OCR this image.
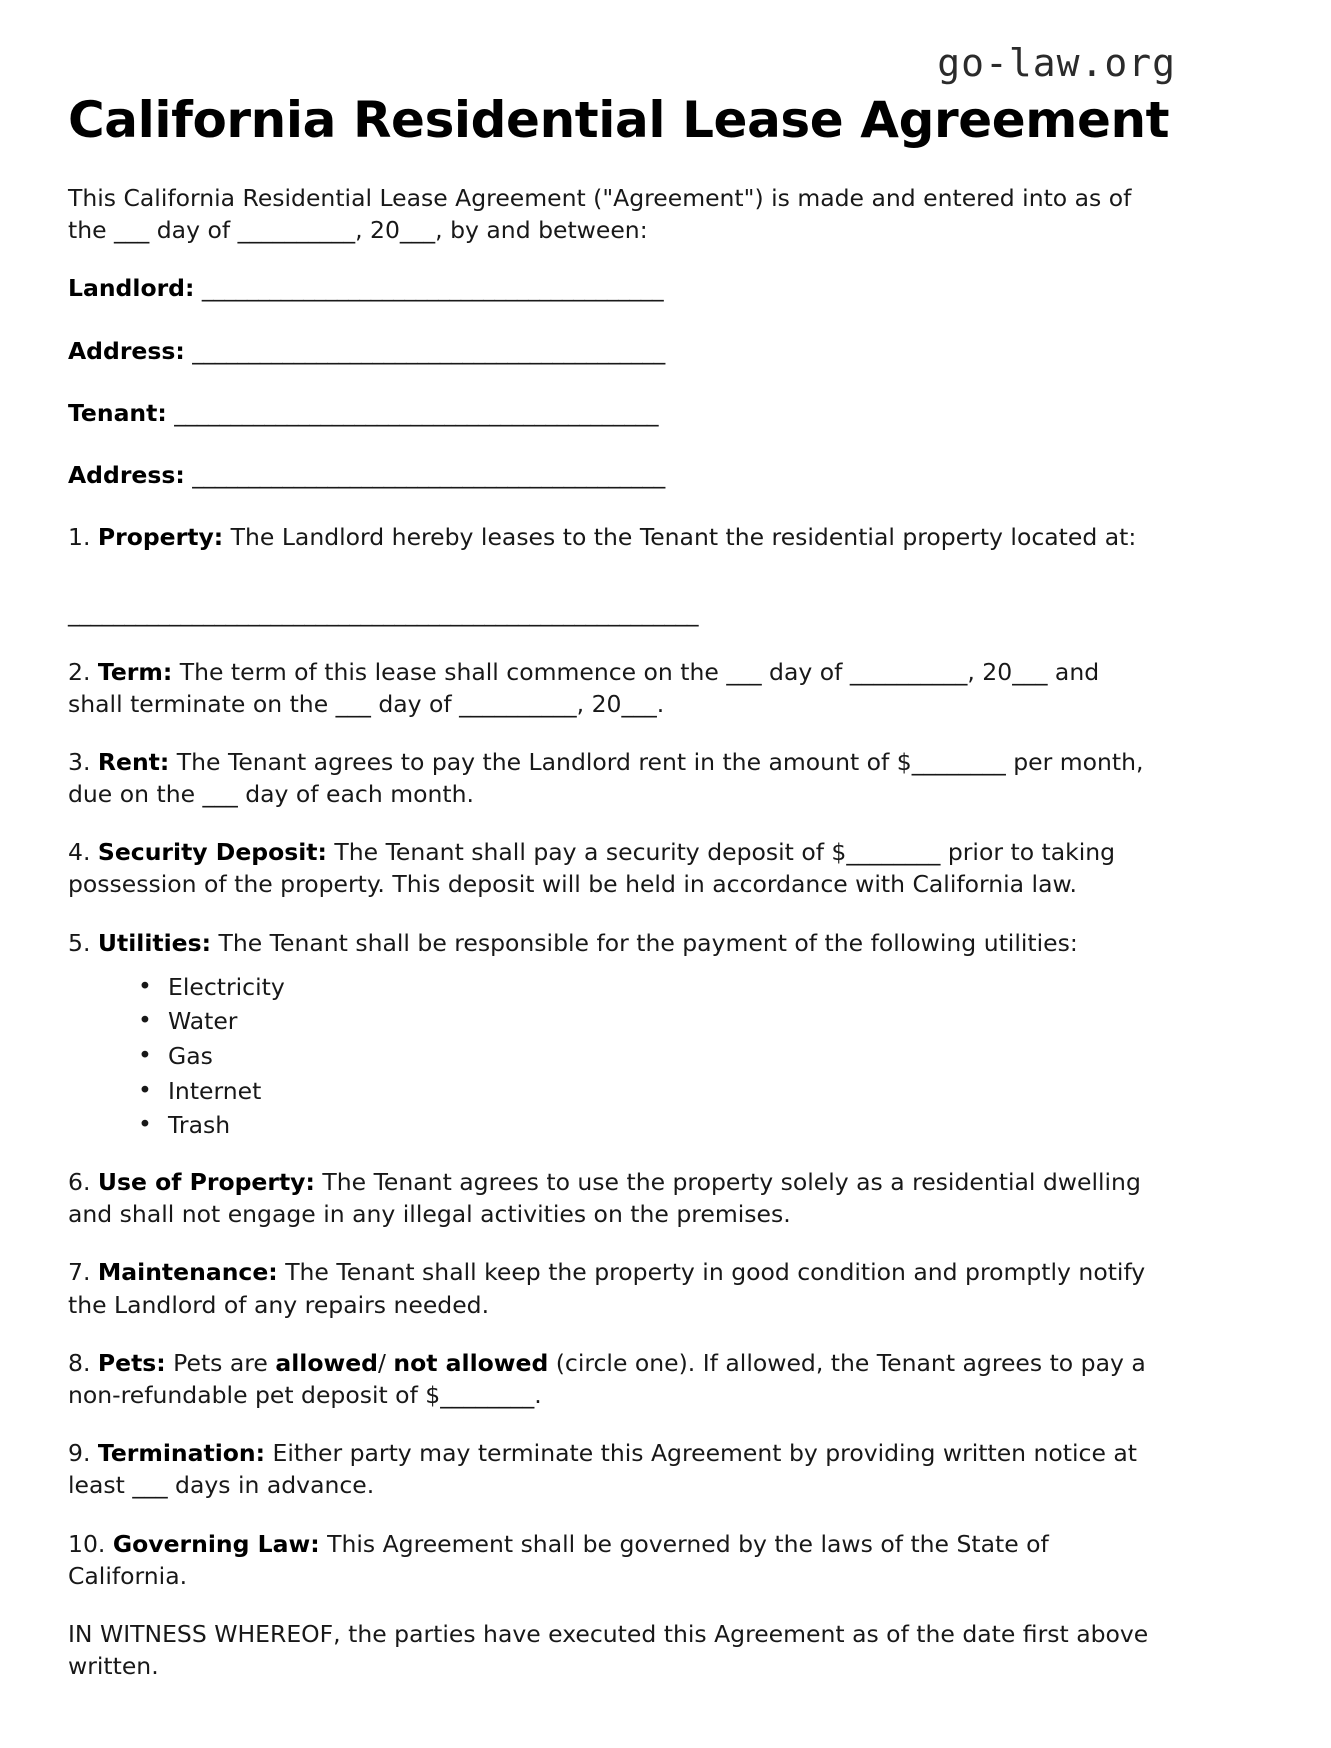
go-law.org
California Residential Lease Agreement

This California Residential Lease Agreement ("Agreement") is made and entered into as of the ___ day of __________, 20___, by and between:

Landlord: _________________________________________
Address: __________________________________________
Tenant: ___________________________________________
Address: __________________________________________

1. Property: The Landlord hereby leases to the Tenant the residential property located at:

________________________________________________________

2. Term: The term of this lease shall commence on the ___ day of __________, 20___ and shall terminate on the ___ day of __________, 20___.

3. Rent: The Tenant agrees to pay the Landlord rent in the amount of $________ per month, due on the ___ day of each month.

4. Security Deposit: The Tenant shall pay a security deposit of $________ prior to taking possession of the property. This deposit will be held in accordance with California law.

5. Utilities: The Tenant shall be responsible for the payment of the following utilities:

• Electricity
• Water
• Gas
• Internet
• Trash

6. Use of Property: The Tenant agrees to use the property solely as a residential dwelling and shall not engage in any illegal activities on the premises.

7. Maintenance: The Tenant shall keep the property in good condition and promptly notify the Landlord of any repairs needed.

8. Pets: Pets are allowed/ not allowed (circle one). If allowed, the Tenant agrees to pay a non-refundable pet deposit of $________.

9. Termination: Either party may terminate this Agreement by providing written notice at least ___ days in advance.

10. Governing Law: This Agreement shall be governed by the laws of the State of California.

IN WITNESS WHEREOF, the parties have executed this Agreement as of the date first above written.
